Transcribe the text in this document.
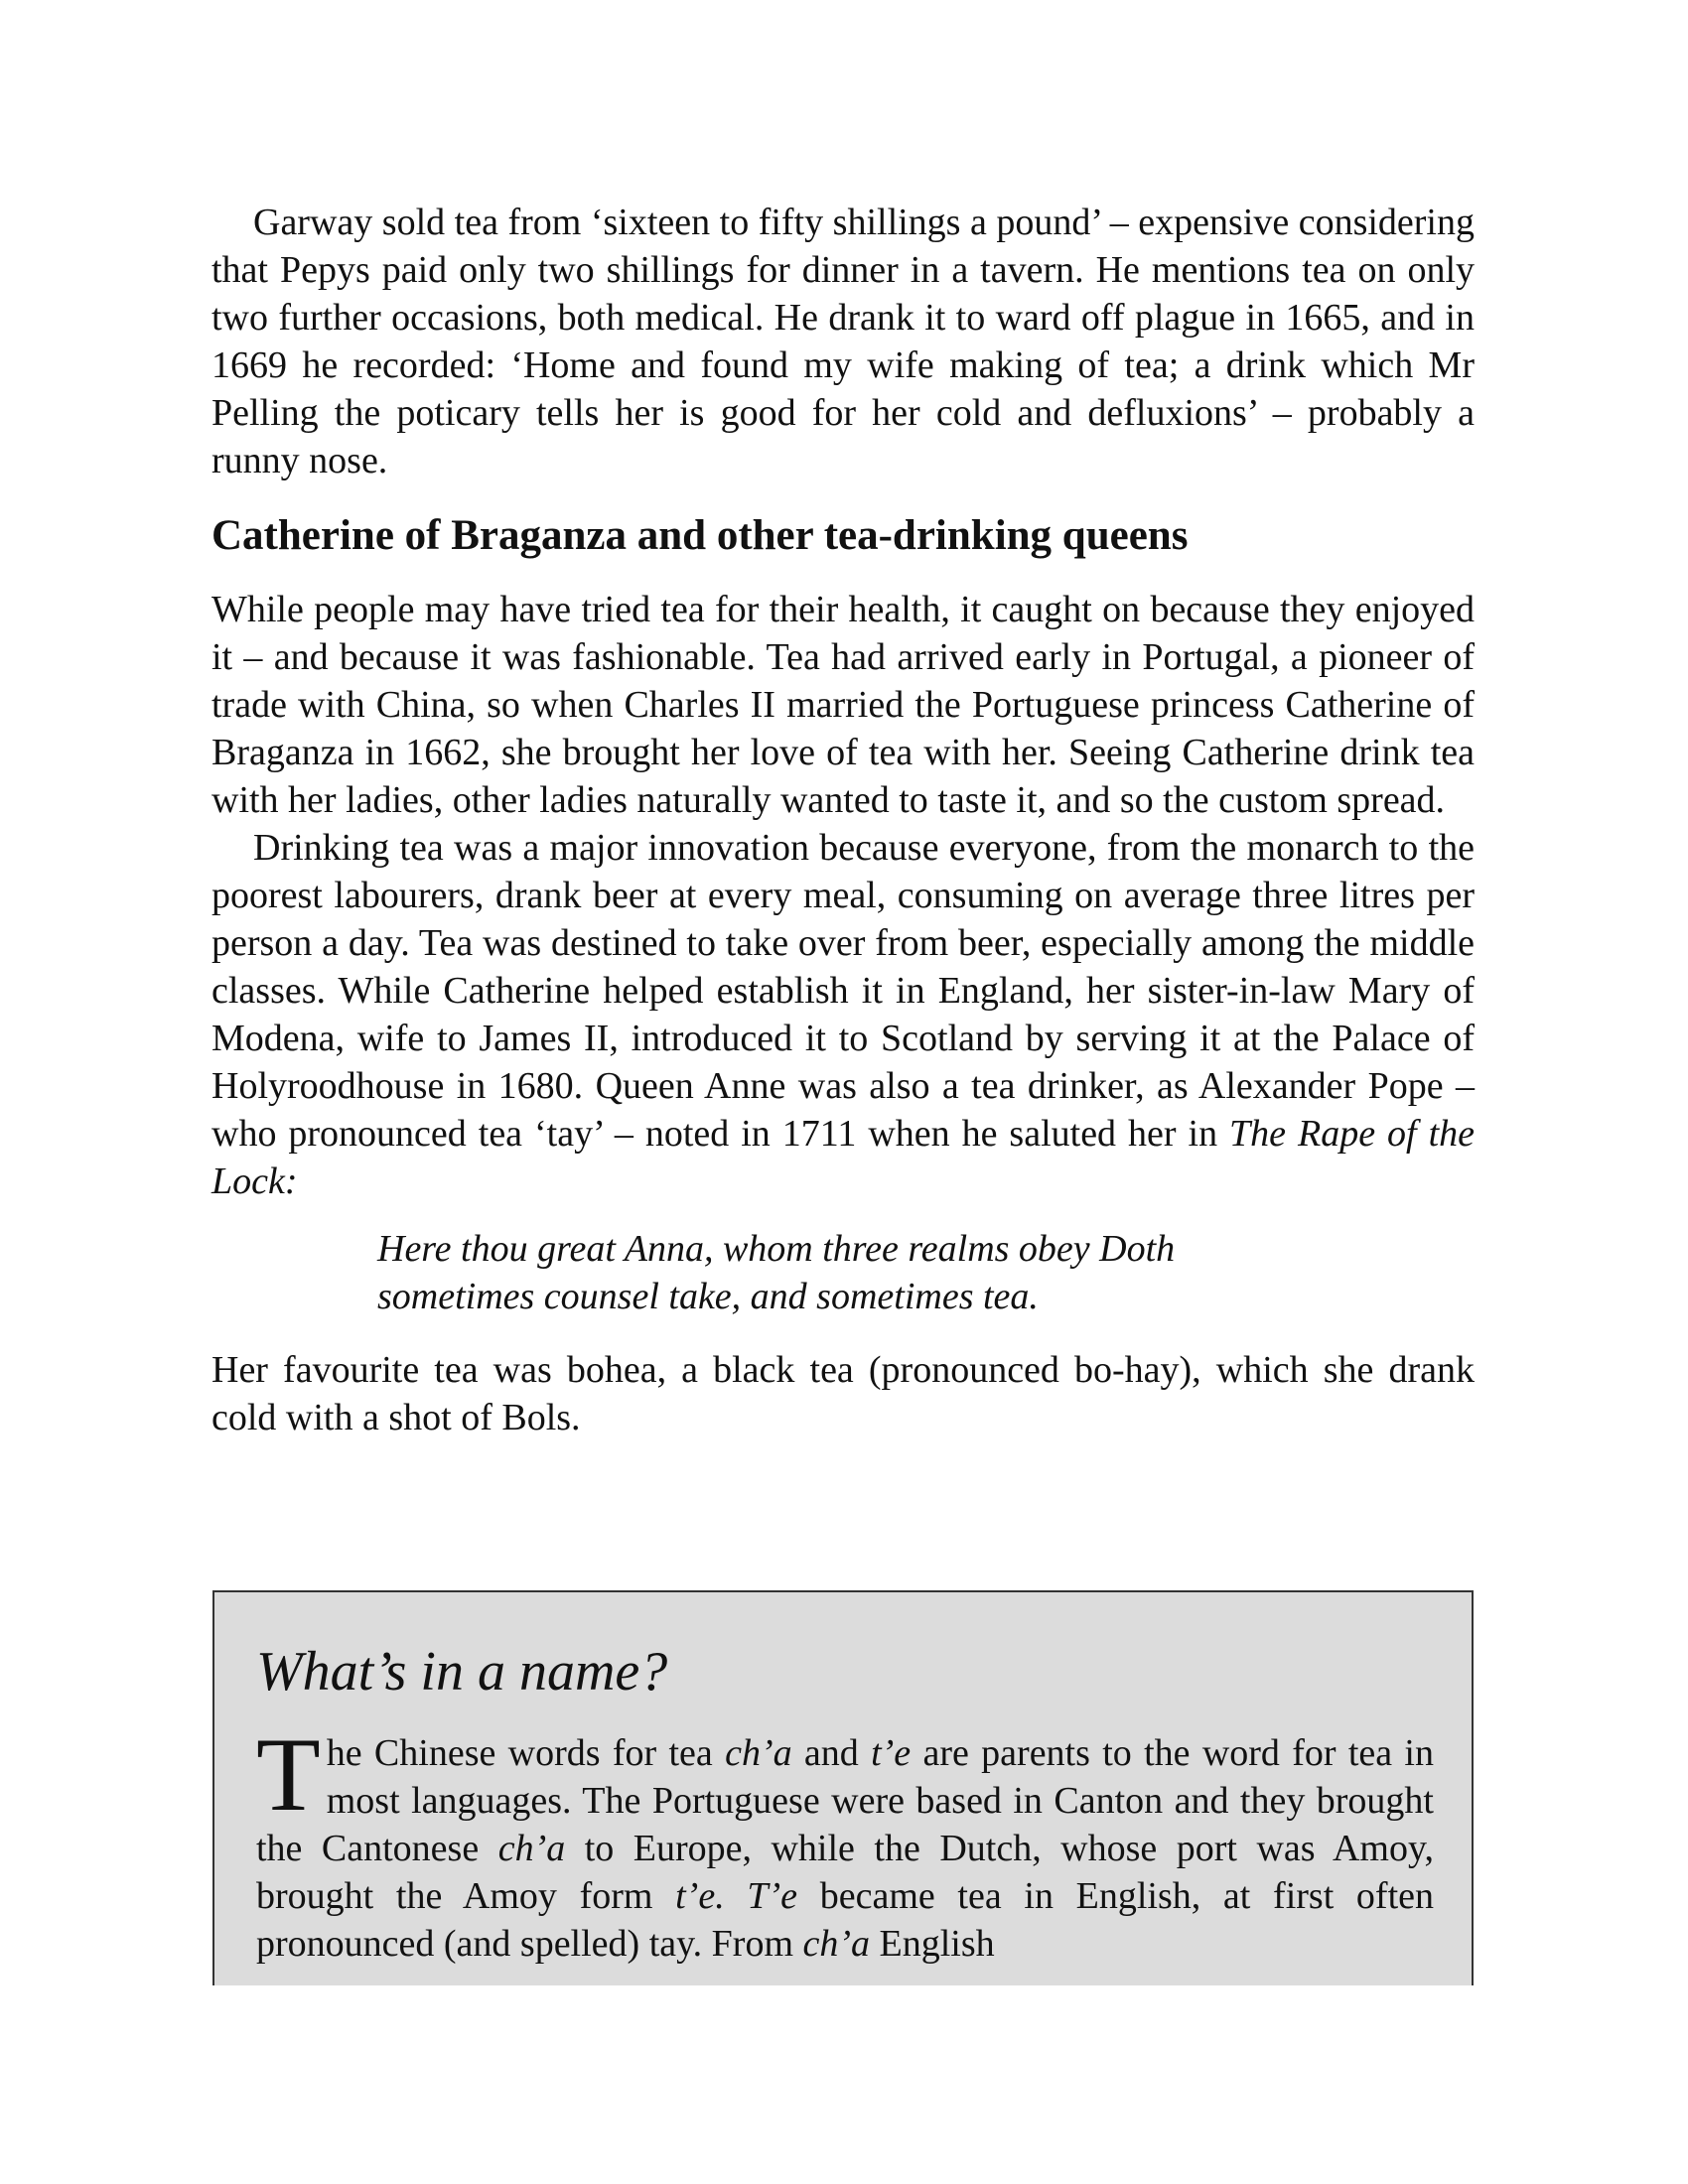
Garway sold tea from ‘sixteen to fifty shillings a pound’ – expensive considering that Pepys paid only two shillings for dinner in a tavern. He mentions tea on only two further occasions, both medical. He drank it to ward off plague in 1665, and in 1669 he recorded: ‘Home and found my wife making of tea; a drink which Mr Pelling the poticary tells her is good for her cold and defluxions’ – probably a runny nose.

Catherine of Braganza and other tea-drinking queens

While people may have tried tea for their health, it caught on because they enjoyed it – and because it was fashionable. Tea had arrived early in Portugal, a pioneer of trade with China, so when Charles II married the Portuguese princess Catherine of Braganza in 1662, she brought her love of tea with her. Seeing Catherine drink tea with her ladies, other ladies naturally wanted to taste it, and so the custom spread.

Drinking tea was a major innovation because everyone, from the monarch to the poorest labourers, drank beer at every meal, consuming on average three litres per person a day. Tea was destined to take over from beer, especially among the middle classes. While Catherine helped establish it in England, her sister-in-law Mary of Modena, wife to James II, introduced it to Scotland by serving it at the Palace of Holyroodhouse in 1680. Queen Anne was also a tea drinker, as Alexander Pope – who pronounced tea ‘tay’ – noted in 1711 when he saluted her in The Rape of the Lock:

Here thou great Anna, whom three realms obey Doth
sometimes counsel take, and sometimes tea.

Her favourite tea was bohea, a black tea (pronounced bo-hay), which she drank cold with a shot of Bols.

What’s in a name?

The Chinese words for tea ch’a and t’e are parents to the word for tea in most languages. The Portuguese were based in Canton and they brought the Cantonese ch’a to Europe, while the Dutch, whose port was Amoy, brought the Amoy form t’e. T’e became tea in English, at first often pronounced (and spelled) tay. From ch’a English
